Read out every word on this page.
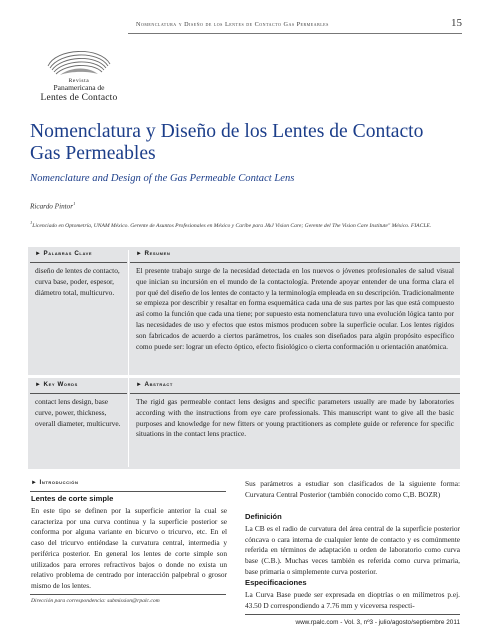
Nomenclatura y Diseño de los Lentes de Contacto Gas Permeables	15
Revista
Panamericana de
Lentes de Contacto
Nomenclatura y Diseño de los Lentes de Contacto Gas Permeables
Nomenclature and Design of the Gas Permeable Contact Lens
Ricardo Pintor$^1$
$^1$Licenciado en Optometría, UNAM México. Gerente de Asuntos Profesionales en México y Caribe para J&J Vision Care; Gerente del The Vision Care Institute" México. FIACLE.
► Palabras Clave
diseño de lentes de contacto, curva base, poder, espesor, diámetro total, multicurvo.
► Resumen
El presente trabajo surge de la necesidad detectada en los nuevos o jóvenes profesionales de salud visual que inician su incursión en el mundo de la contactología. Pretende apoyar entender de una forma clara el por qué del diseño de los lentes de contacto y la terminología empleada en su descripción. Tradicionalmente se empieza por describir y resaltar en forma esquemática cada una de sus partes por las que está compuesto así como la función que cada una tiene; por supuesto esta nomenclatura tuvo una evolución lógica tanto por las necesidades de uso y efectos que estos mismos producen sobre la superficie ocular. Los lentes rígidos son fabricados de acuerdo a ciertos parámetros, los cuales son diseñados para algún propósito específico como puede ser: lograr un efecto óptico, efecto fisiológico o cierta conformación u orientación anatómica.
► Key Words
contact lens design, base curve, power, thickness, overall diameter, multicurve.
► Abstract
The rigid gas permeable contact lens designs and specific parameters usually are made by laboratories according with the instructions from eye care professionals. This manuscript want to give all the basic purposes and knowledge for new fitters or young practitioners as complete guide or reference for specific situations in the contact lens practice.
► Introducción
Lentes de corte simple
En este tipo se definen por la superficie anterior la cual se caracteriza por una curva continua y la superficie posterior se conforma por alguna variante en bicurvo o tricurvo, etc. En el caso del tricurvo entiéndase la curvatura central, intermedia y periférica posterior. En general los lentes de corte simple son utilizados para errores refractivos bajos o donde no exista un relativo problema de centrado por interacción palpebral o grosor mismo de los lentes.
Dirección para correspondencia: submission@rpalc.com
Sus parámetros a estudiar son clasificados de la siguiente forma: Curvatura Central Posterior (también conocido como C,B. BOZR)
Definición
La CB es el radio de curvatura del área central de la superficie posterior cóncava o cara interna de cualquier lente de contacto y es comúnmente referida en términos de adaptación u orden de laboratorio como curva base (C.B.). Muchas veces también es referida como curva primaria, base primaria o simplemente curva posterior.
Especificaciones
La Curva Base puede ser expresada en dioptrías o en milímetros p.ej. 43.50 D correspondiendo a 7.76 mm y viceversa respecti-
www.rpalc.com - Vol. 3, nº3 - julio/agosto/septiembre 2011
